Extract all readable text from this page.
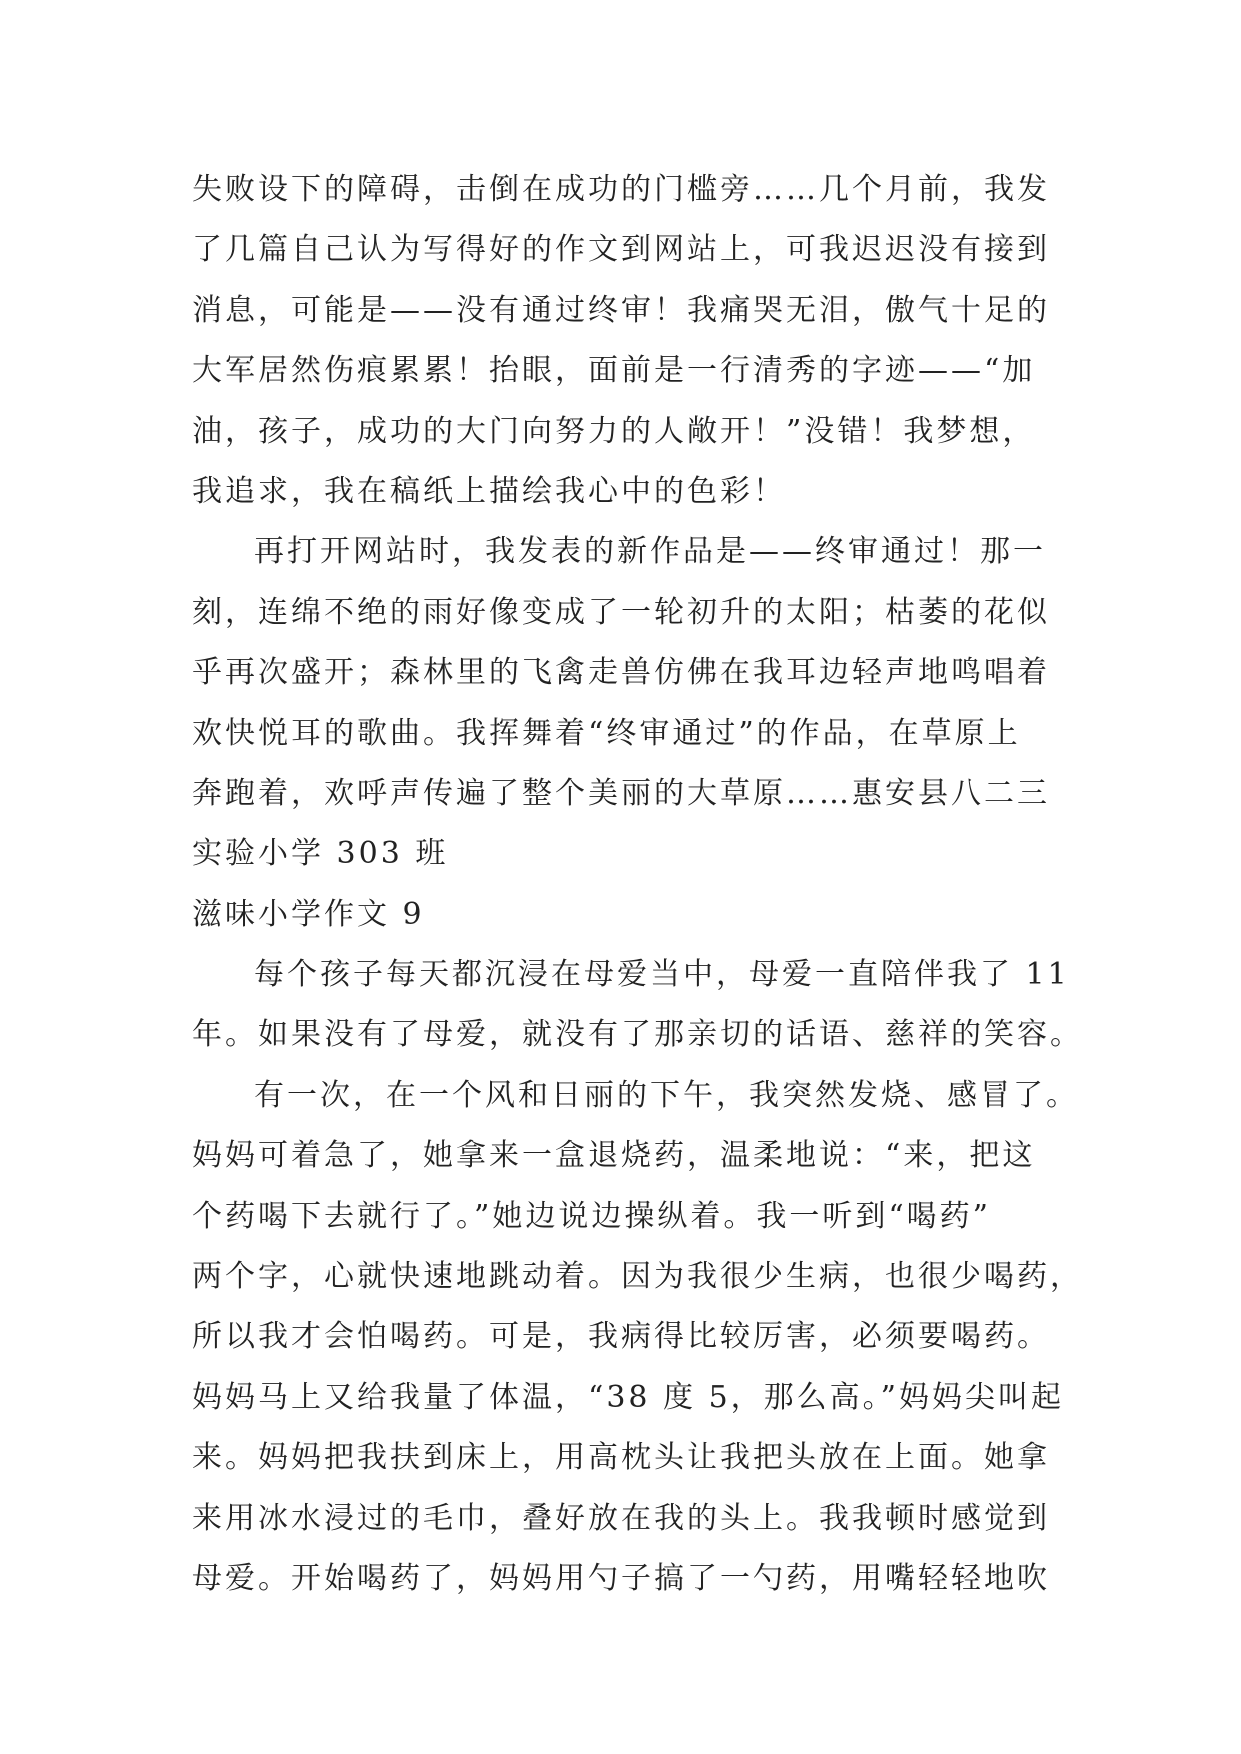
失败设下的障碍，击倒在成功的门槛旁……几个月前，我发
了几篇自己认为写得好的作文到网站上，可我迟迟没有接到
消息，可能是——没有通过终审！我痛哭无泪，傲气十足的
大军居然伤痕累累！抬眼，面前是一行清秀的字迹——“加
油，孩子，成功的大门向努力的人敞开！”没错！我梦想，
我追求，我在稿纸上描绘我心中的色彩！
再打开网站时，我发表的新作品是——终审通过！那一
刻，连绵不绝的雨好像变成了一轮初升的太阳；枯萎的花似
乎再次盛开；森林里的飞禽走兽仿佛在我耳边轻声地鸣唱着
欢快悦耳的歌曲。我挥舞着“终审通过”的作品，在草原上
奔跑着，欢呼声传遍了整个美丽的大草原……惠安县八二三
实验小学 303 班
滋味小学作文 9
每个孩子每天都沉浸在母爱当中，母爱一直陪伴我了 11
年。如果没有了母爱，就没有了那亲切的话语、慈祥的笑容。
有一次，在一个风和日丽的下午，我突然发烧、感冒了。
妈妈可着急了，她拿来一盒退烧药，温柔地说：“来，把这
个药喝下去就行了。”她边说边操纵着。我一听到“喝药”
两个字，心就快速地跳动着。因为我很少生病，也很少喝药，
所以我才会怕喝药。可是，我病得比较厉害，必须要喝药。
妈妈马上又给我量了体温，“38 度 5，那么高。”妈妈尖叫起
来。妈妈把我扶到床上，用高枕头让我把头放在上面。她拿
来用冰水浸过的毛巾，叠好放在我的头上。我我顿时感觉到
母爱。开始喝药了，妈妈用勺子搞了一勺药，用嘴轻轻地吹
